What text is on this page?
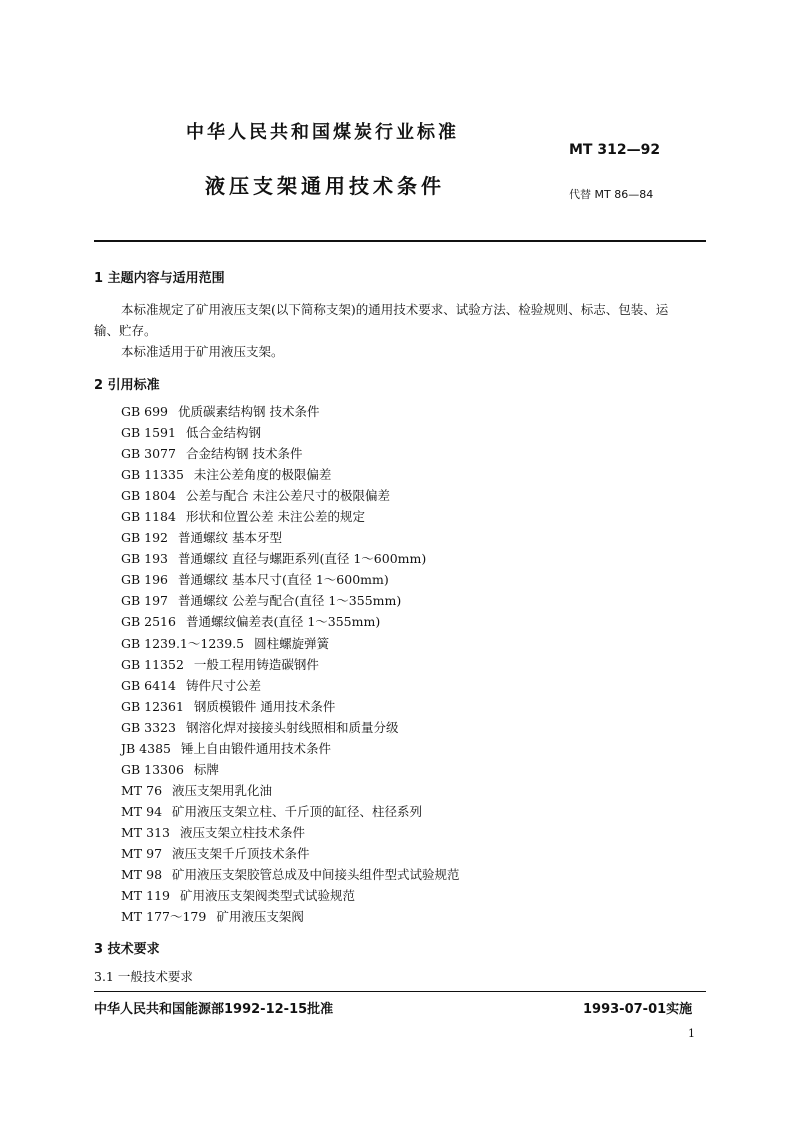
中华人民共和国煤炭行业标准
MT 312—92
液压支架通用技术条件	代替 MT 86—84
1 主题内容与适用范围
本标准规定了矿用液压支架(以下简称支架)的通用技术要求、试验方法、检验规则、标志、包装、运
输、贮存。
本标准适用于矿用液压支架。
2 引用标准
GB 699 优质碳素结构钢 技术条件
GB 1591 低合金结构钢
GB 3077 合金结构钢 技术条件
GB 11335 未注公差角度的极限偏差
GB 1804 公差与配合 未注公差尺寸的极限偏差
GB 1184 形状和位置公差 未注公差的规定
GB 192 普通螺纹 基本牙型
GB 193 普通螺纹 直径与螺距系列(直径 1～600mm)
GB 196 普通螺纹 基本尺寸(直径 1～600mm)
GB 197 普通螺纹 公差与配合(直径 1～355mm)
GB 2516 普通螺纹偏差表(直径 1～355mm)
GB 1239.1～1239.5 圆柱螺旋弹簧
GB 11352 一般工程用铸造碳钢件
GB 6414 铸件尺寸公差
GB 12361 钢质模锻件 通用技术条件
GB 3323 钢溶化焊对接接头射线照相和质量分级
JB 4385 锤上自由锻件通用技术条件
GB 13306 标牌
MT 76 液压支架用乳化油
MT 94 矿用液压支架立柱、千斤顶的缸径、柱径系列
MT 313 液压支架立柱技术条件
MT 97 液压支架千斤顶技术条件
MT 98 矿用液压支架胶管总成及中间接头组件型式试验规范
MT 119 矿用液压支架阀类型式试验规范
MT 177～179 矿用液压支架阀
3 技术要求
3.1 一般技术要求
中华人民共和国能源部1992-12-15批准	1993-07-01实施
1
